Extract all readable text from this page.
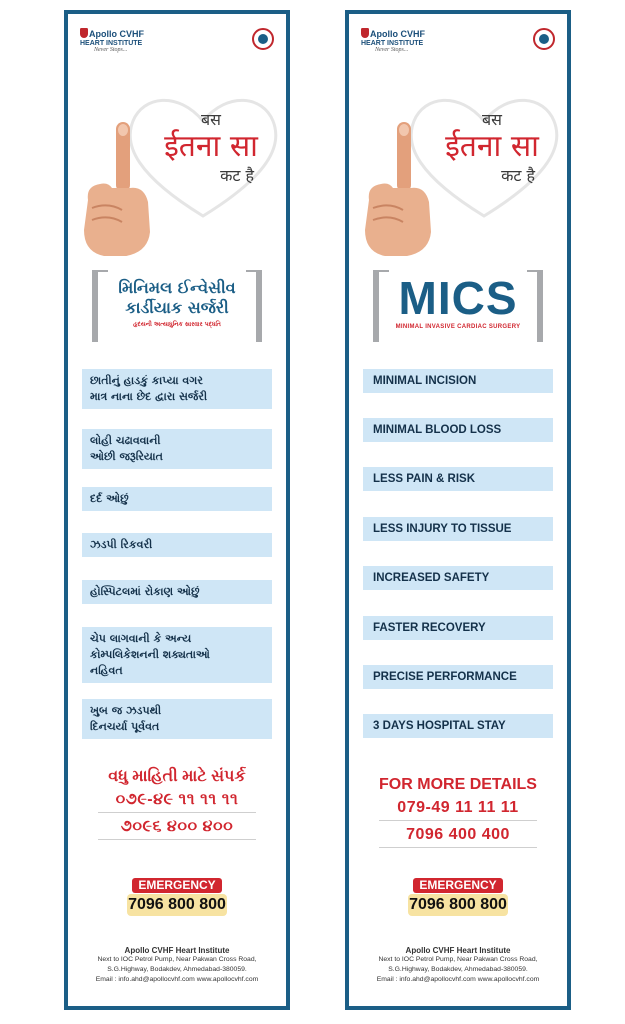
Apollo CVHF
HEART INSTITUTE
Never Stops...
बस
ईतना सा
कट है
મિનિમલ ઈન્વેસીવ
કાર્ડીયાક સર્જરી
હૃદયની અત્યાધુનિક સારવાર પદ્ધતિ
છાતીનું હાડકું કાપ્યા વગર
માત્ર નાના છેદ દ્વારા સર્જરી
લોહી ચઢાવવાની
ઓછી જરૂરિયાત
દર્દ ઓછું
ઝડપી રિકવરી
હોસ્પિટલમાં રોકાણ ઓછું
ચેપ લાગવાની કે અન્ય
કોમ્પલિકેશનની શક્યતાઓ
નહિવત
ખુબ જ ઝડપથી
દિનચર્યા પૂર્વવત
વધુ માહિતી માટે સંપર્ક
૦૭૯-૪૯ ૧૧ ૧૧ ૧૧
૭૦૯૬ ૪૦૦ ૪૦૦
EMERGENCY
7096 800 800
Apollo CVHF Heart Institute
Next to IOC Petrol Pump, Near Pakwan Cross Road,
S.G.Highway, Bodakdev, Ahmedabad-380059.
Email : info.ahd@apollocvhf.com www.apollocvhf.com
Apollo CVHF
HEART INSTITUTE
Never Stops...
बस
ईतना सा
कट है
MICS
MINIMAL INVASIVE CARDIAC SURGERY
MINIMAL INCISION
MINIMAL BLOOD LOSS
LESS PAIN & RISK
LESS INJURY TO TISSUE
INCREASED SAFETY
FASTER RECOVERY
PRECISE PERFORMANCE
3 DAYS HOSPITAL STAY
FOR MORE DETAILS
079-49 11 11 11
7096 400 400
EMERGENCY
7096 800 800
Apollo CVHF Heart Institute
Next to IOC Petrol Pump, Near Pakwan Cross Road,
S.G.Highway, Bodakdev, Ahmedabad-380059.
Email : info.ahd@apollocvhf.com www.apollocvhf.com
